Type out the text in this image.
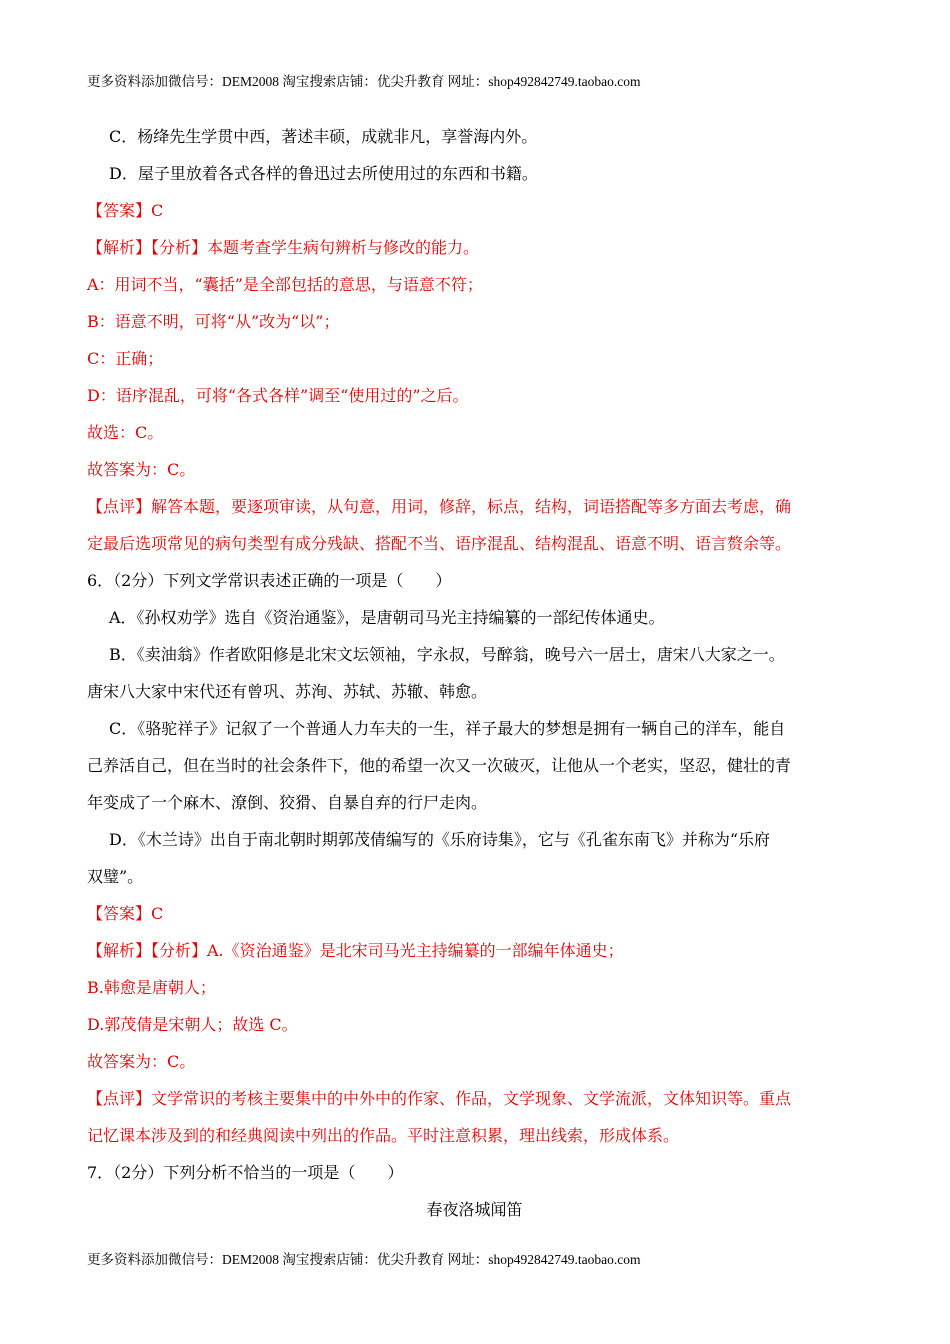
更多资料添加微信号：DEM2008 淘宝搜索店铺：优尖升教育 网址：shop492842749.taobao.com
C．杨绛先生学贯中西，著述丰硕，成就非凡，享誉海内外。
D．屋子里放着各式各样的鲁迅过去所使用过的东西和书籍。
【答案】C
【解析】【分析】本题考查学生病句辨析与修改的能力。
A：用词不当，“囊括”是全部包括的意思，与语意不符；
B：语意不明，可将“从”改为“以”；
C：正确；
D：语序混乱，可将“各式各样”调至“使用过的”之后。
故选：C。
故答案为：C。
【点评】解答本题，要逐项审读，从句意，用词，修辞，标点，结构，词语搭配等多方面去考虑，确
定最后选项常见的病句类型有成分残缺、搭配不当、语序混乱、结构混乱、语意不明、语言赘余等。
6．（2分）下列文学常识表述正确的一项是（　　）
A．《孙权劝学》选自《资治通鉴》，是唐朝司马光主持编纂的一部纪传体通史。
B．《卖油翁》作者欧阳修是北宋文坛领袖，字永叔，号醉翁，晚号六一居士，唐宋八大家之一。
唐宋八大家中宋代还有曾巩、苏洵、苏轼、苏辙、韩愈。
C．《骆驼祥子》记叙了一个普通人力车夫的一生，祥子最大的梦想是拥有一辆自己的洋车，能自
己养活自己，但在当时的社会条件下，他的希望一次又一次破灭，让他从一个老实，坚忍，健壮的青
年变成了一个麻木、潦倒、狡猾、自暴自弃的行尸走肉。
D．《木兰诗》出自于南北朝时期郭茂倩编写的《乐府诗集》，它与《孔雀东南飞》并称为“乐府
双璧”。
【答案】C
【解析】【分析】A.《资治通鉴》是北宋司马光主持编纂的一部编年体通史；
B.韩愈是唐朝人；
D.郭茂倩是宋朝人；故选 C。
故答案为：C。
【点评】文学常识的考核主要集中的中外中的作家、作品，文学现象、文学流派，文体知识等。重点
记忆课本涉及到的和经典阅读中列出的作品。平时注意积累，理出线索，形成体系。
7．（2分）下列分析不恰当的一项是（　　）
春夜洛城闻笛
更多资料添加微信号：DEM2008 淘宝搜索店铺：优尖升教育 网址：shop492842749.taobao.com
